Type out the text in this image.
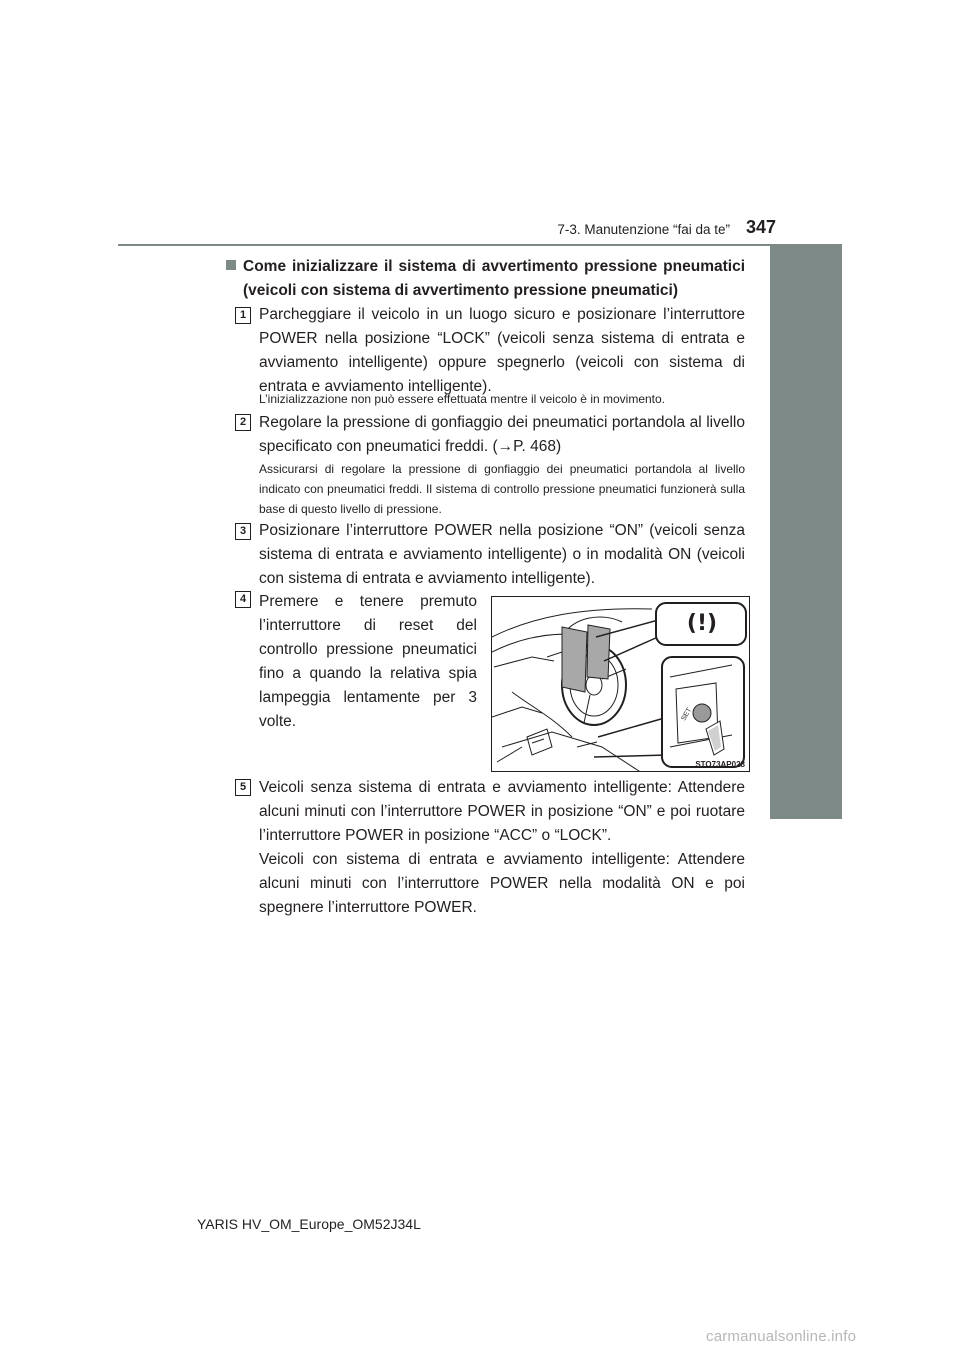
7-3. Manutenzione “fai da te” 347
7
Manutenzione e cura del veicolo
Come inizializzare il sistema di avvertimento pressione pneumatici (veicoli con sistema di avvertimento pressione pneumatici)
1 Parcheggiare il veicolo in un luogo sicuro e posizionare l’interruttore POWER nella posizione “LOCK” (veicoli senza sistema di entrata e avviamento intelligente) oppure spegnerlo (veicoli con sistema di entrata e avviamento intelligente).
L’inizializzazione non può essere effettuata mentre il veicolo è in movimento.
2 Regolare la pressione di gonfiaggio dei pneumatici portandola al livello specificato con pneumatici freddi. (→P. 468)
Assicurarsi di regolare la pressione di gonfiaggio dei pneumatici portandola al livello indicato con pneumatici freddi. Il sistema di controllo pressione pneumatici funzionerà sulla base di questo livello di pressione.
3 Posizionare l’interruttore POWER nella posizione “ON” (veicoli senza sistema di entrata e avviamento intelligente) o in modalità ON (veicoli con sistema di entrata e avviamento intelligente).
4 Premere e tenere premuto l’interruttore di reset del controllo pressione pneumatici fino a quando la relativa spia lampeggia lentamente per 3 volte.
(!)
SET
STO73AP028
5 Veicoli senza sistema di entrata e avviamento intelligente: Attendere alcuni minuti con l’interruttore POWER in posizione “ON” e poi ruotare l’interruttore POWER in posizione “ACC” o “LOCK”.
Veicoli con sistema di entrata e avviamento intelligente: Attendere alcuni minuti con l’interruttore POWER nella modalità ON e poi spegnere l’interruttore POWER.
YARIS HV_OM_Europe_OM52J34L
carmanualsonline.info
